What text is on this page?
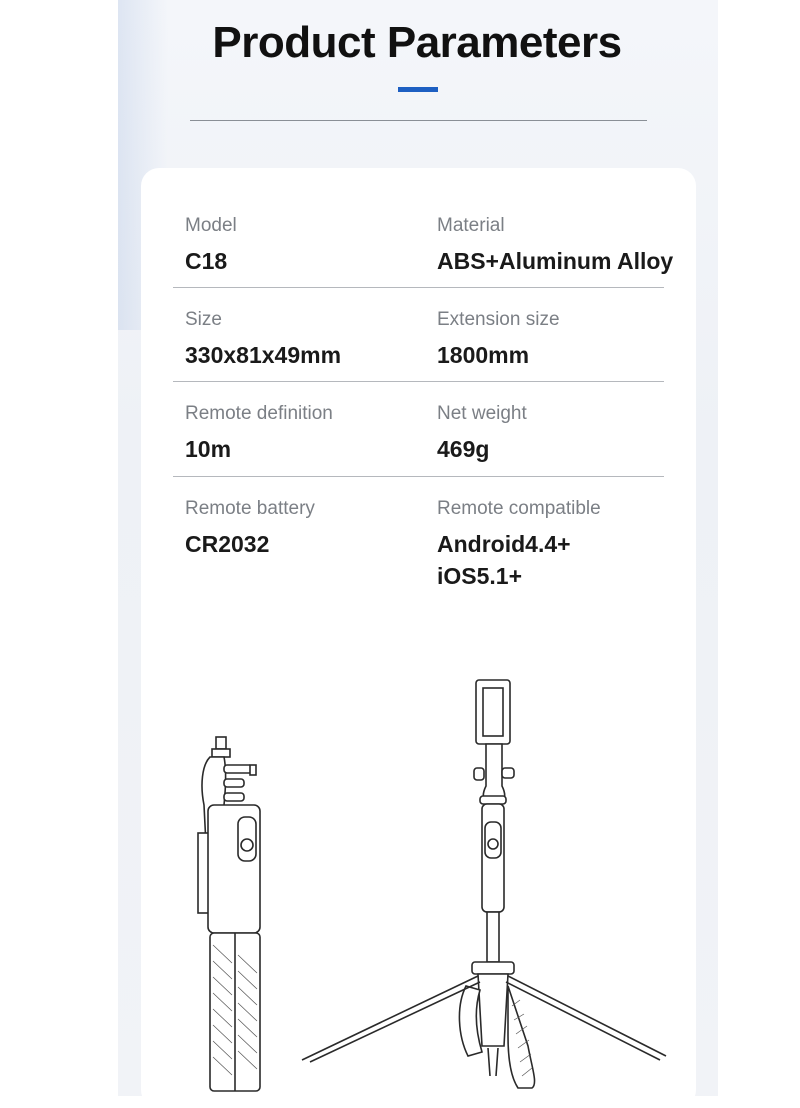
Product Parameters
Model
C18
Material
ABS+Aluminum Alloy
Size
330x81x49mm
Extension size
1800mm
Remote definition
10m
Net weight
469g
Remote battery
CR2032
Remote compatible
Android4.4+
iOS5.1+
